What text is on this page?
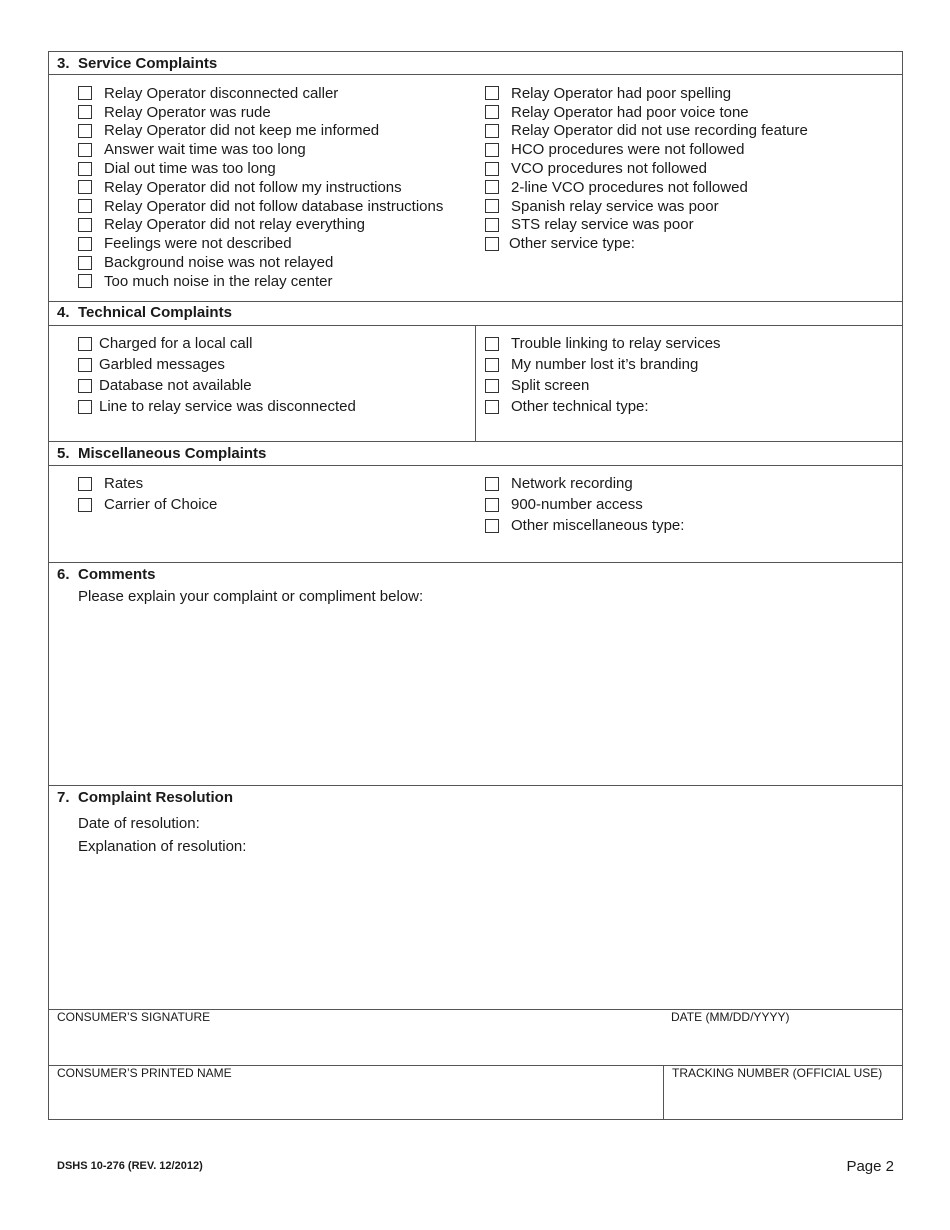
3. Service Complaints
Relay Operator disconnected caller
Relay Operator was rude
Relay Operator did not keep me informed
Answer wait time was too long
Dial out time was too long
Relay Operator did not follow my instructions
Relay Operator did not follow database instructions
Relay Operator did not relay everything
Feelings were not described
Background noise was not relayed
Too much noise in the relay center
Relay Operator had poor spelling
Relay Operator had poor voice tone
Relay Operator did not use recording feature
HCO procedures were not followed
VCO procedures not followed
2-line VCO procedures not followed
Spanish relay service was poor
STS relay service was poor
Other service type:
4. Technical Complaints
Charged for a local call
Garbled messages
Database not available
Line to relay service was disconnected
Trouble linking to relay services
My number lost it’s branding
Split screen
Other technical type:
5. Miscellaneous Complaints
Rates
Carrier of Choice
Network recording
900-number access
Other miscellaneous type:
6. Comments
Please explain your complaint or compliment below:
7. Complaint Resolution
Date of resolution:
Explanation of resolution:
CONSUMER’S SIGNATURE	DATE (MM/DD/YYYY)
CONSUMER’S PRINTED NAME	TRACKING NUMBER (OFFICIAL USE)
DSHS 10-276 (REV. 12/2012)	Page 2
